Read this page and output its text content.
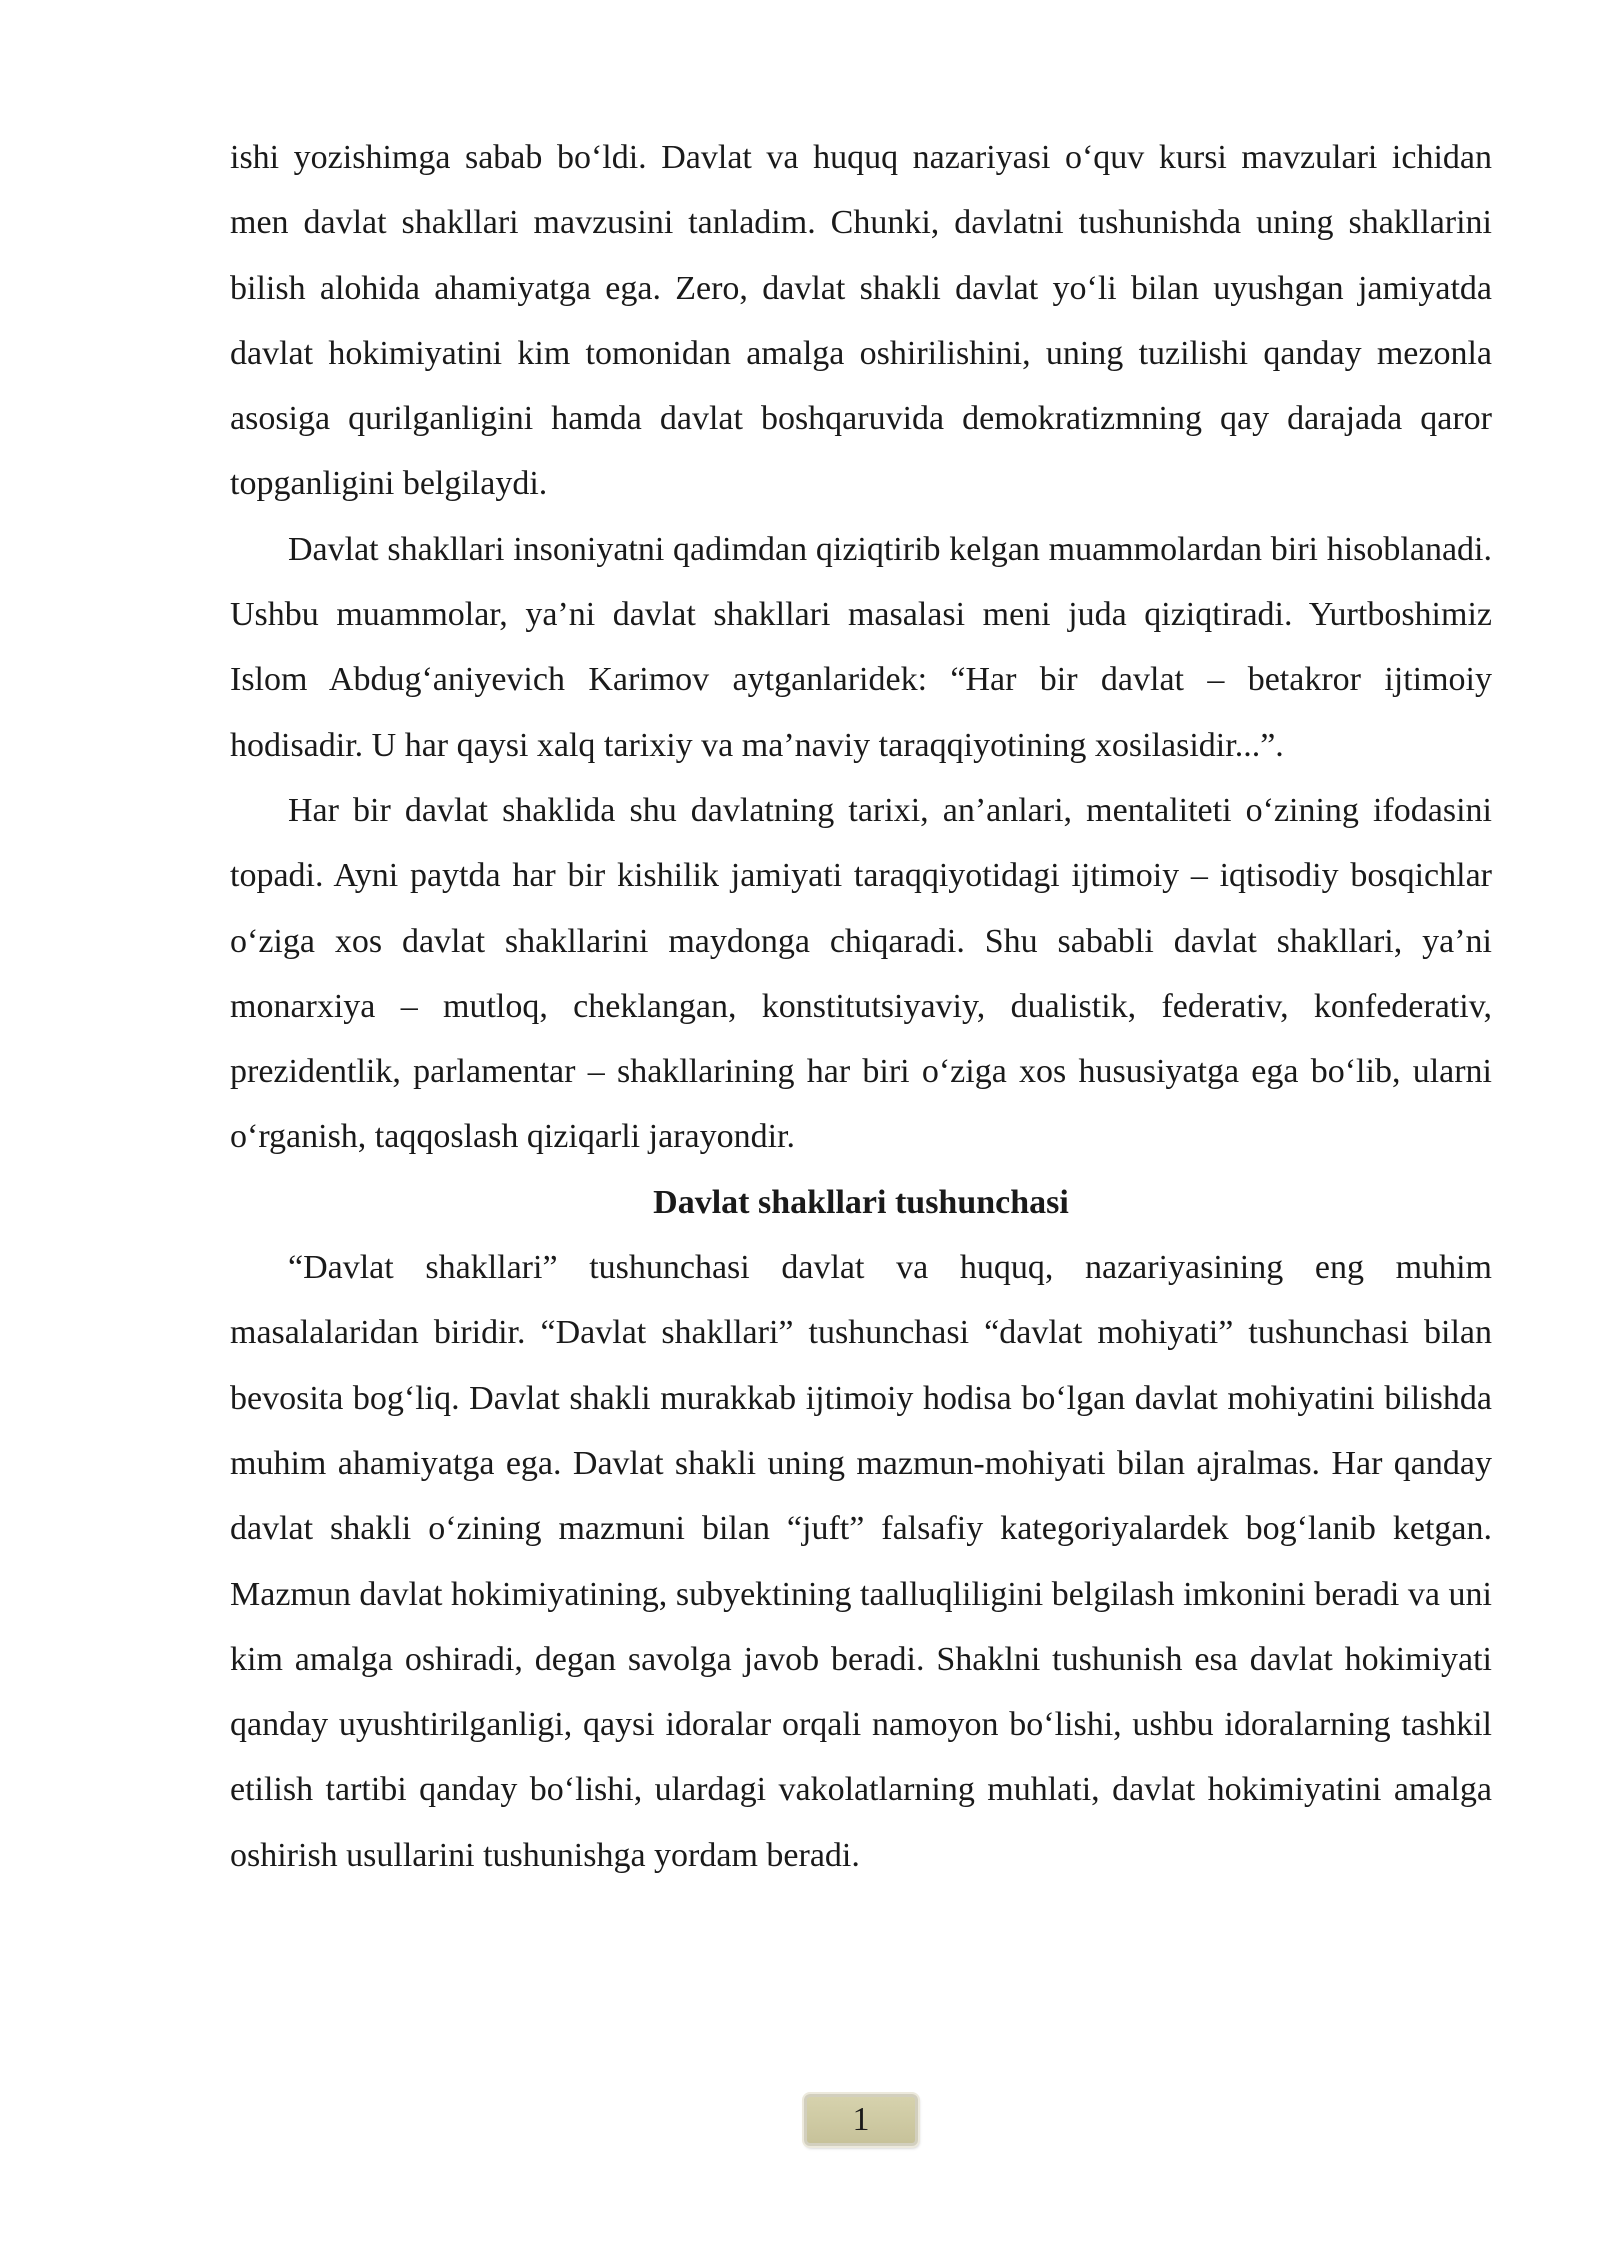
ishi yozishimga sabab bo‘ldi. Davlat va huquq nazariyasi o‘quv kursi mavzulari ichidan men davlat shakllari mavzusini tanladim. Chunki, davlatni tushunishda uning shakllarini bilish alohida ahamiyatga ega. Zero, davlat shakli davlat yo‘li bilan uyushgan jamiyatda davlat hokimiyatini kim tomonidan amalga oshirilishini, uning tuzilishi qanday mezonla asosiga qurilganligini hamda davlat boshqaruvida demokratizmning qay darajada qaror topganligini belgilaydi.

Davlat shakllari insoniyatni qadimdan qiziqtirib kelgan muammolardan biri hisoblanadi. Ushbu muammolar, ya’ni davlat shakllari masalasi meni juda qiziqtiradi. Yurtboshimiz Islom Abdug‘aniyevich Karimov aytganlaridek: “Har bir davlat – betakror ijtimoiy hodisadir. U har qaysi xalq tarixiy va ma’naviy taraqqiyotining xosilasidir...”.

Har bir davlat shaklida shu davlatning tarixi, an’anlari, mentaliteti o‘zining ifodasini topadi. Ayni paytda har bir kishilik jamiyati taraqqiyotidagi ijtimoiy – iqtisodiy bosqichlar o‘ziga xos davlat shakllarini maydonga chiqaradi. Shu sababli davlat shakllari, ya’ni monarxiya – mutloq, cheklangan, konstitutsiyaviy, dualistik, federativ, konfederativ, prezidentlik, parlamentar – shakllarining har biri o‘ziga xos hususiyatga ega bo‘lib, ularni o‘rganish, taqqoslash qiziqarli jarayondir.

Davlat shakllari tushunchasi

“Davlat shakllari” tushunchasi davlat va huquq, nazariyasining eng muhim masalalaridan biridir. “Davlat shakllari” tushunchasi “davlat mohiyati” tushunchasi bilan bevosita bog‘liq. Davlat shakli murakkab ijtimoiy hodisa bo‘lgan davlat mohiyatini bilishda muhim ahamiyatga ega. Davlat shakli uning mazmun-mohiyati bilan ajralmas. Har qanday davlat shakli o‘zining mazmuni bilan “juft” falsafiy kategoriyalardek bog‘lanib ketgan. Mazmun davlat hokimiyatining, subyektining taalluqliligini belgilash imkonini beradi va uni kim amalga oshiradi, degan savolga javob beradi. Shaklni tushunish esa davlat hokimiyati qanday uyushtirilganligi, qaysi idoralar orqali namoyon bo‘lishi, ushbu idoralarning tashkil etilish tartibi qanday bo‘lishi, ulardagi vakolatlarning muhlati, davlat hokimiyatini amalga oshirish usullarini tushunishga yordam beradi.

1
